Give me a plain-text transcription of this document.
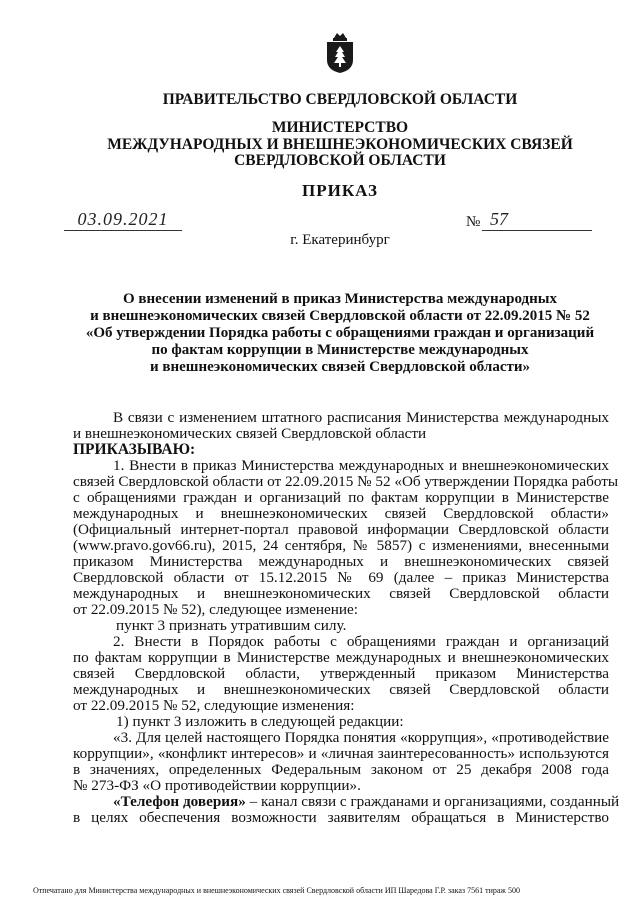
ПРАВИТЕЛЬСТВО СВЕРДЛОВСКОЙ ОБЛАСТИ
МИНИСТЕРСТВО
МЕЖДУНАРОДНЫХ И ВНЕШНЕЭКОНОМИЧЕСКИХ СВЯЗЕЙ
СВЕРДЛОВСКОЙ ОБЛАСТИ
ПРИКАЗ
03.09.2021	№ 57
г. Екатеринбург
О внесении изменений в приказ Министерства международных
и внешнеэкономических связей Свердловской области от 22.09.2015 № 52
«Об утверждении Порядка работы с обращениями граждан и организаций
по фактам коррупции в Министерстве международных
и внешнеэкономических связей Свердловской области»
В связи с изменением штатного расписания Министерства международных
и внешнеэкономических связей Свердловской области
ПРИКАЗЫВАЮ:
1. Внести в приказ Министерства международных и внешнеэкономических
связей Свердловской области от 22.09.2015 № 52 «Об утверждении Порядка работы
с обращениями граждан и организаций по фактам коррупции в Министерстве
международных и внешнеэкономических связей Свердловской области»
(Официальный интернет-портал правовой информации Свердловской области
(www.pravo.gov66.ru), 2015, 24 сентября, № 5857) с изменениями, внесенными
приказом Министерства международных и внешнеэкономических связей
Свердловской области от 15.12.2015 № 69 (далее – приказ Министерства
международных и внешнеэкономических связей Свердловской области
от 22.09.2015 № 52), следующее изменение:
пункт 3 признать утратившим силу.
2. Внести в Порядок работы с обращениями граждан и организаций
по фактам коррупции в Министерстве международных и внешнеэкономических
связей Свердловской области, утвержденный приказом Министерства
международных и внешнеэкономических связей Свердловской области
от 22.09.2015 № 52, следующие изменения:
1) пункт 3 изложить в следующей редакции:
«3. Для целей настоящего Порядка понятия «коррупция», «противодействие
коррупции», «конфликт интересов» и «личная заинтересованность» используются
в значениях, определенных Федеральным законом от 25 декабря 2008 года
№ 273-ФЗ «О противодействии коррупции».
«Телефон доверия» – канал связи с гражданами и организациями, созданный
в целях обеспечения возможности заявителям обращаться в Министерство
Отпечатано для Министерства международных и внешнеэкономических связей Свердловской области ИП Шаредова Г.Р. заказ 7561 тираж 500
